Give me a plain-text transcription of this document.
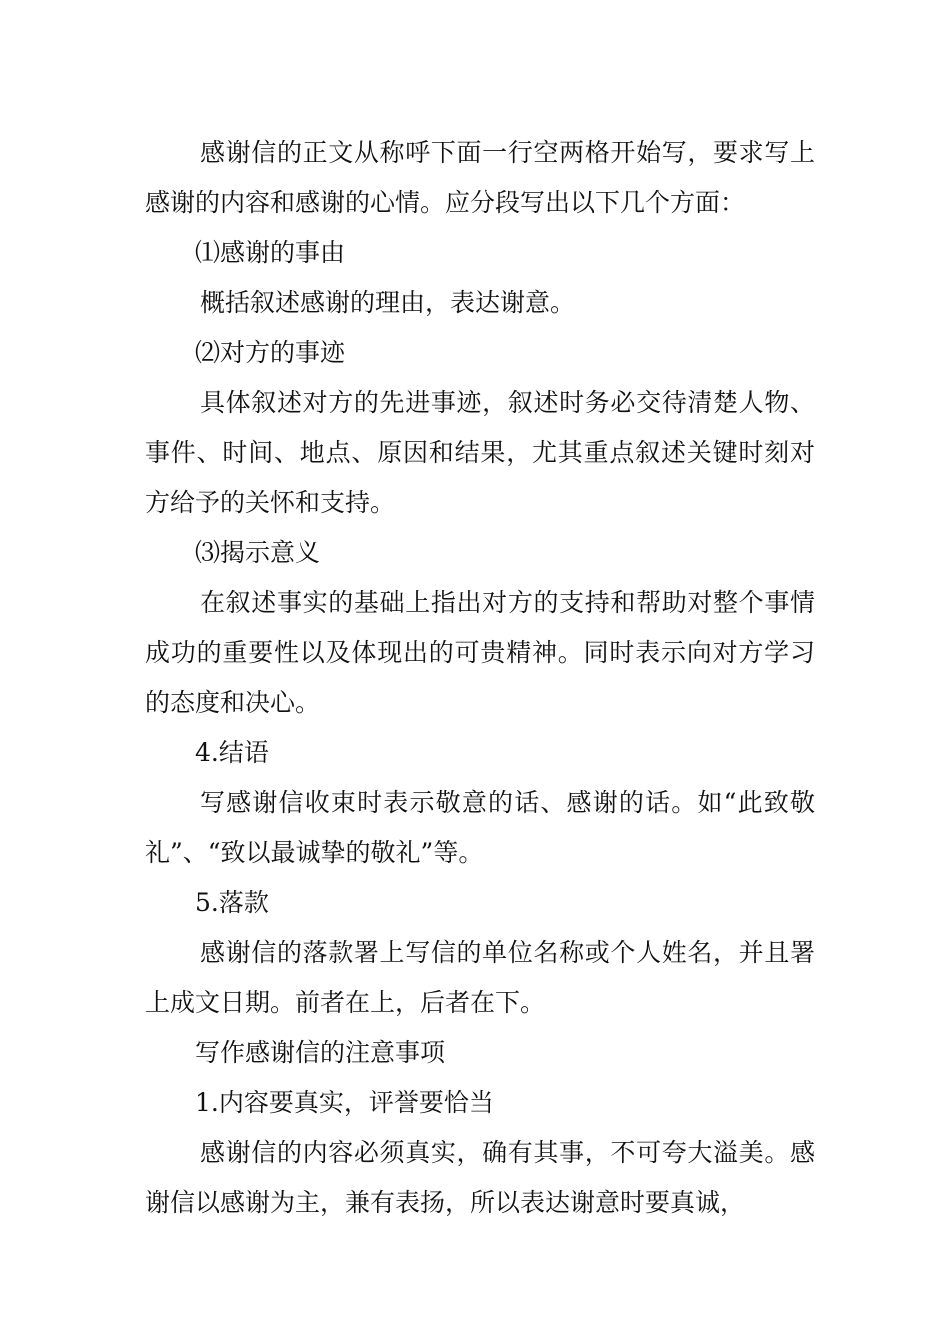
感谢信的正文从称呼下面一行空两格开始写，要求写上感谢的内容和感谢的心情。应分段写出以下几个方面：

⑴感谢的事由

概括叙述感谢的理由，表达谢意。

⑵对方的事迹

具体叙述对方的先进事迹，叙述时务必交待清楚人物、事件、时间、地点、原因和结果，尤其重点叙述关键时刻对方给予的关怀和支持。

⑶揭示意义

在叙述事实的基础上指出对方的支持和帮助对整个事情成功的重要性以及体现出的可贵精神。同时表示向对方学习的态度和决心。

4.结语

写感谢信收束时表示敬意的话、感谢的话。如“此致敬礼”、“致以最诚挚的敬礼”等。

5.落款

感谢信的落款署上写信的单位名称或个人姓名，并且署上成文日期。前者在上，后者在下。

写作感谢信的注意事项

1.内容要真实，评誉要恰当

感谢信的内容必须真实，确有其事，不可夸大溢美。感谢信以感谢为主，兼有表扬，所以表达谢意时要真诚，
